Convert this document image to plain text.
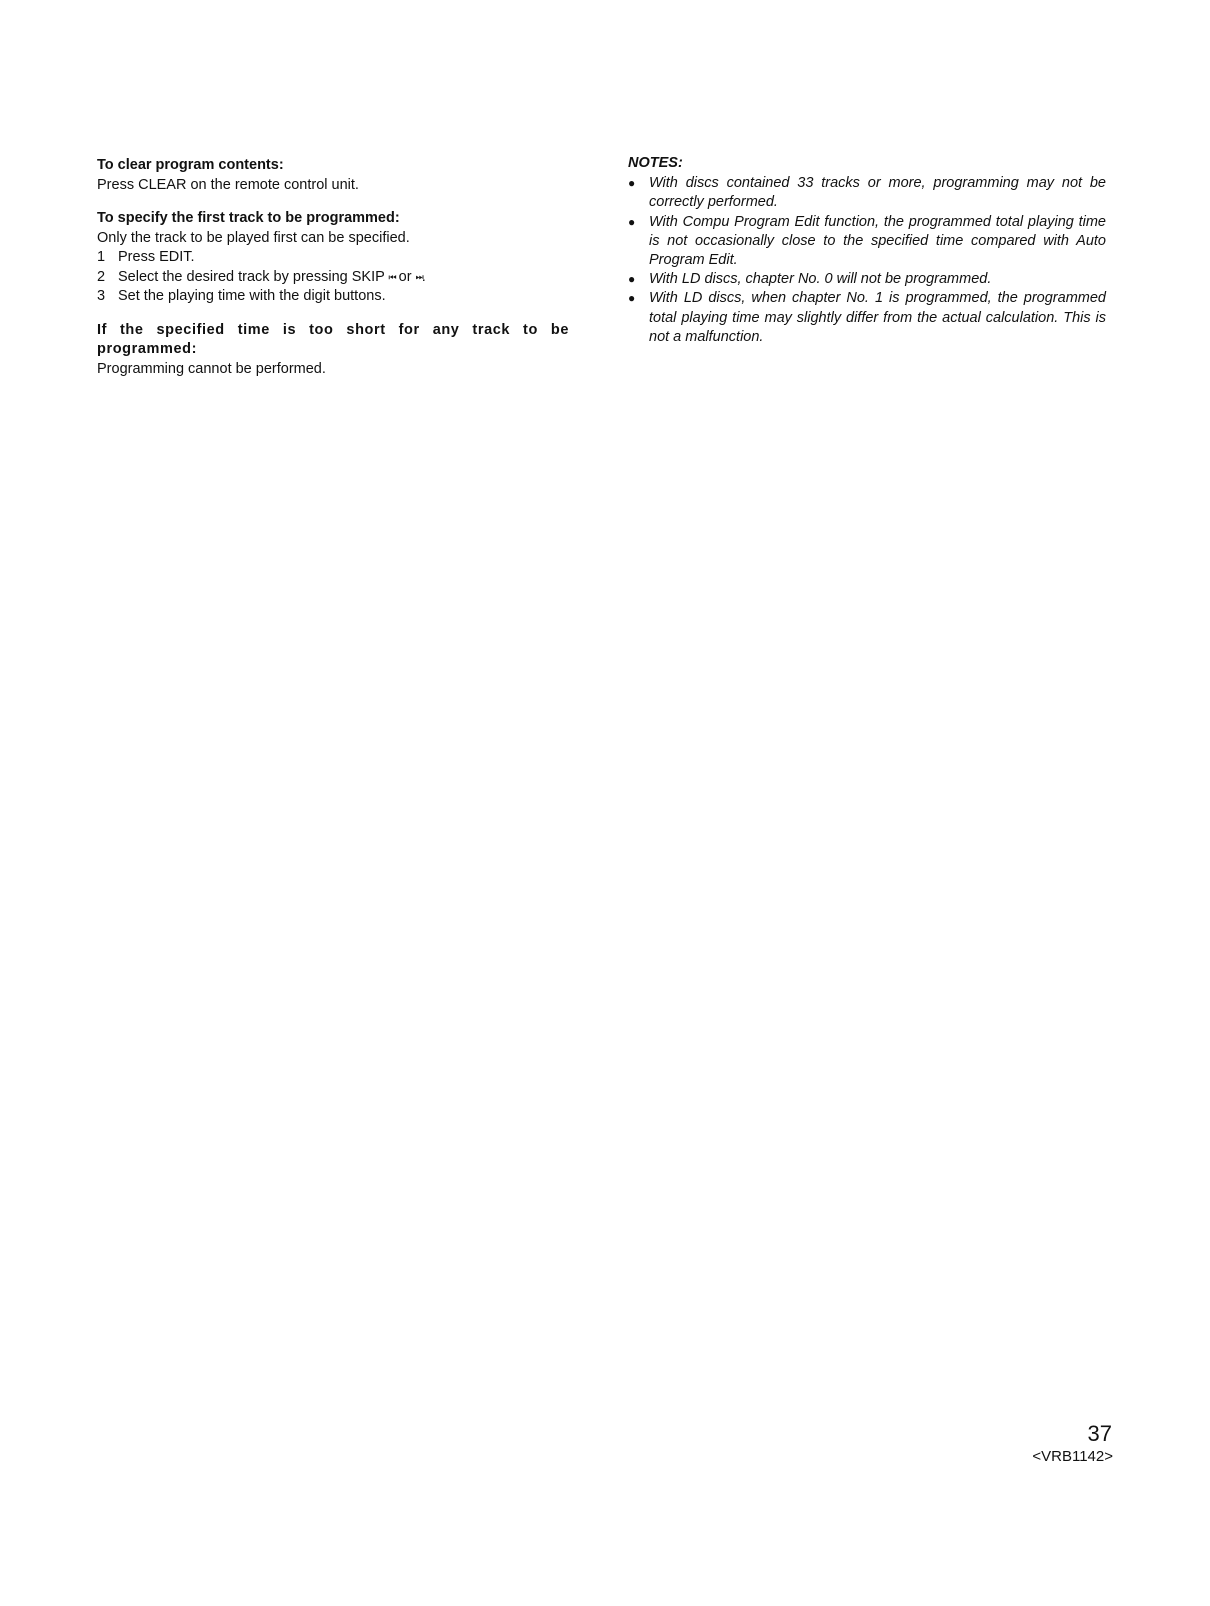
To clear program contents:

Press CLEAR on the remote control unit.

To specify the first track to be programmed:

Only the track to be played first can be specified.

1 Press EDIT.
2 Select the desired track by pressing SKIP ⏮ or ⏭.
3 Set the playing time with the digit buttons.

If the specified time is too short for any track to be programmed:

Programming cannot be performed.

NOTES:

● With discs contained 33 tracks or more, programming may not be correctly performed.
● With Compu Program Edit function, the programmed total playing time is not occasionally close to the specified time compared with Auto Program Edit.
● With LD discs, chapter No. 0 will not be programmed.
● With LD discs, when chapter No. 1 is programmed, the programmed total playing time may slightly differ from the actual calculation. This is not a malfunction.
37
<VRB1142>
